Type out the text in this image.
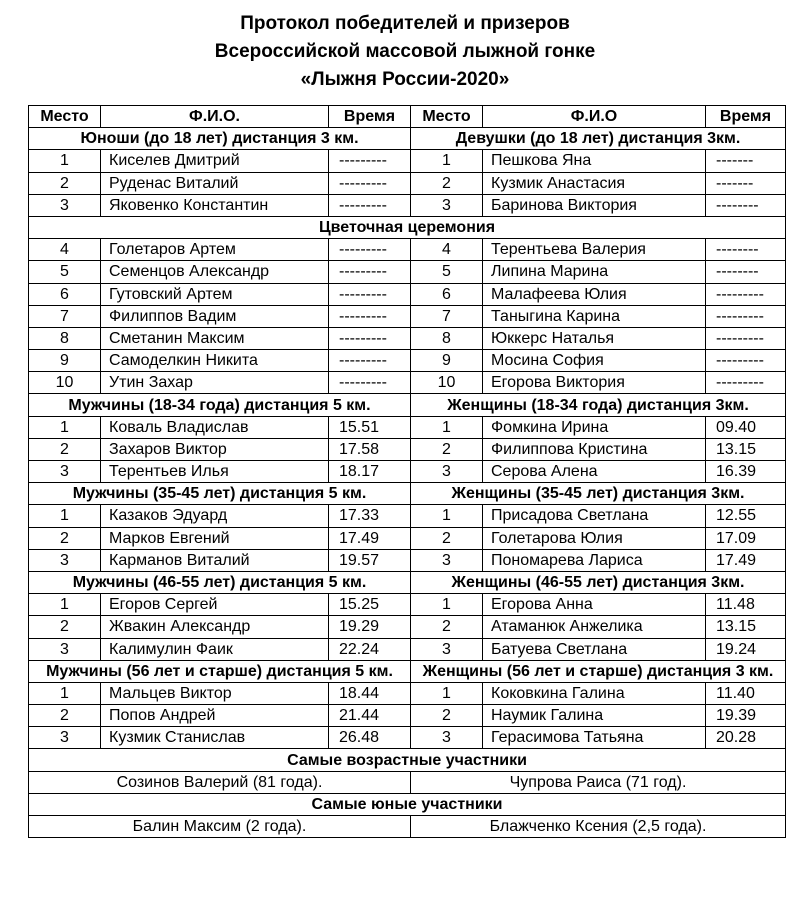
Протокол победителей и призеров
Всероссийской массовой лыжной гонке
«Лыжня России-2020»
Место	Ф.И.О.	Время	Место	Ф.И.О	Время
Юноши (до 18 лет) дистанция 3 км.			Девушки (до 18 лет) дистанция 3км.		
1	Киселев Дмитрий	---------	1	Пешкова Яна	-------
2	Руденас Виталий	---------	2	Кузмик Анастасия	-------
3	Яковенко Константин	---------	3	Баринова Виктория	--------
Цветочная церемония					
4	Голетаров Артем	---------	4	Терентьева Валерия	--------
5	Семенцов Александр	---------	5	Липина Марина	--------
6	Гутовский Артем	---------	6	Малафеева Юлия	---------
7	Филиппов Вадим	---------	7	Таныгина Карина	---------
8	Сметанин Максим	---------	8	Юккерс Наталья	---------
9	Самоделкин Никита	---------	9	Мосина София	---------
10	Утин Захар	---------	10	Егорова Виктория	---------
Мужчины (18-34 года) дистанция 5 км.			Женщины (18-34 года) дистанция 3км.		
1	Коваль Владислав	15.51	1	Фомкина Ирина	09.40
2	Захаров Виктор	17.58	2	Филиппова Кристина	13.15
3	Терентьев Илья	18.17	3	Серова Алена	16.39
Мужчины (35-45 лет) дистанция 5 км.			Женщины (35-45 лет) дистанция 3км.		
1	Казаков Эдуард	17.33	1	Присадова Светлана	12.55
2	Марков Евгений	17.49	2	Голетарова Юлия	17.09
3	Карманов Виталий	19.57	3	Пономарева Лариса	17.49
Мужчины (46-55 лет) дистанция 5 км.			Женщины (46-55 лет) дистанция 3км.		
1	Егоров Сергей	15.25	1	Егорова Анна	11.48
2	Жвакин Александр	19.29	2	Атаманюк Анжелика	13.15
3	Калимулин Фаик	22.24	3	Батуева Светлана	19.24
Мужчины (56 лет и старше) дистанция 5 км.			Женщины (56 лет и старше) дистанция 3 км.		
1	Мальцев Виктор	18.44	1	Коковкина Галина	11.40
2	Попов Андрей	21.44	2	Наумик Галина	19.39
3	Кузмик Станислав	26.48	3	Герасимова Татьяна	20.28
Самые возрастные участники					
Созинов Валерий (81 года).			Чупрова Раиса (71 год).		
Самые юные участники					
Балин Максим (2 года).			Блажченко Ксения (2,5 года).		
